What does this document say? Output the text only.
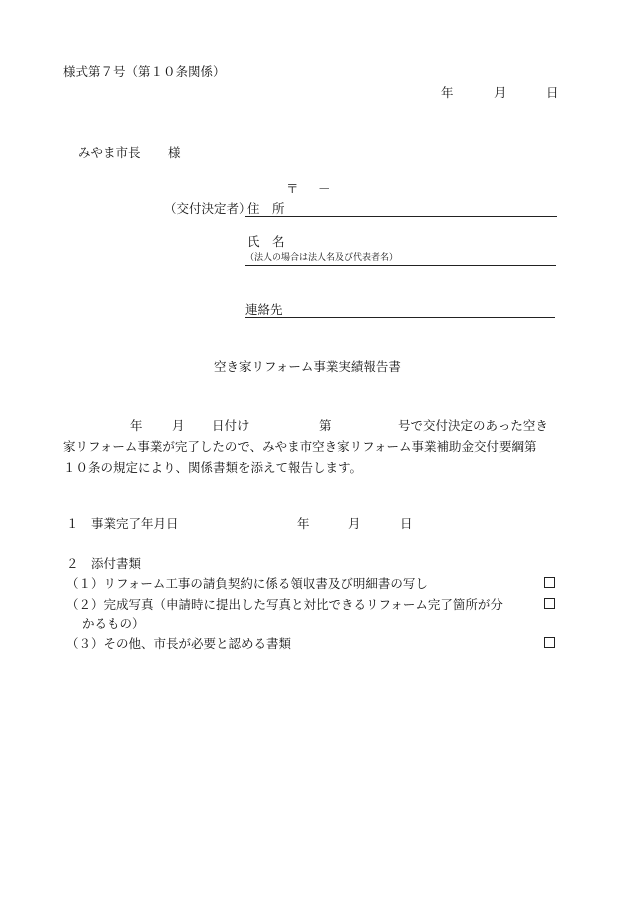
様式第７号（第１０条関係）
年	月	日
みやま市長 様
〒 －
（交付決定者）
住　所
氏　名
（法人の場合は法人名及び代表者名）
連絡先
空き家リフォーム事業実績報告書
年 月 日付け	第	号で交付決定のあった空き
家リフォーム事業が完了したので、みやま市空き家リフォーム事業補助金交付要綱第
１０条の規定により、関係書類を添えて報告します。
１　事業完了年月日	年	月	日
２　添付書類
（１）リフォーム工事の請負契約に係る領収書及び明細書の写し
（２）完成写真（申請時に提出した写真と対比できるリフォーム完了箇所が分
かるもの）
（３）その他、市長が必要と認める書類
